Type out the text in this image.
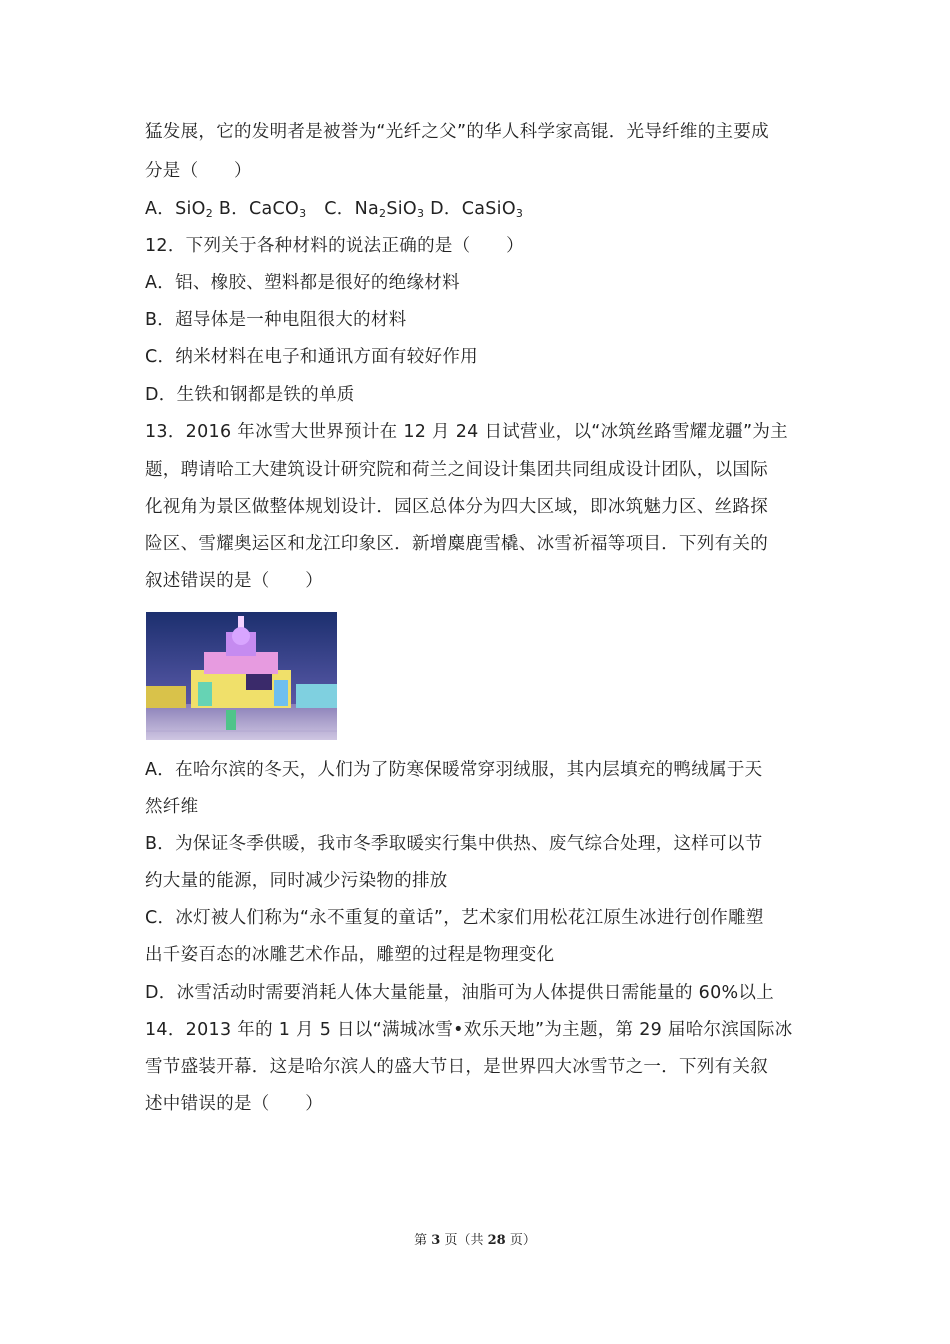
猛发展，它的发明者是被誉为“光纤之父”的华人科学家高锟．光导纤维的主要成
分是（　　）
A．SiO$_2$ B．CaCO$_3$　C．$Na_2SiO_3$ D．CaSiO$_3$
12．下列关于各种材料的说法正确的是（　　）
A．铝、橡胶、塑料都是很好的绝缘材料
B．超导体是一种电阻很大的材料
C．纳米材料在电子和通讯方面有较好作用
D．生铁和钢都是铁的单质
13．2016 年冰雪大世界预计在 12 月 24 日试营业，以“冰筑丝路雪耀龙疆”为主
题，聘请哈工大建筑设计研究院和荷兰之间设计集团共同组成设计团队，以国际
化视角为景区做整体规划设计．园区总体分为四大区域，即冰筑魅力区、丝路探
险区、雪耀奥运区和龙江印象区．新增麋鹿雪橇、冰雪祈福等项目．下列有关的
叙述错误的是（　　）
A．在哈尔滨的冬天，人们为了防寒保暖常穿羽绒服，其内层填充的鸭绒属于天
然纤维
B．为保证冬季供暖，我市冬季取暖实行集中供热、废气综合处理，这样可以节
约大量的能源，同时减少污染物的排放
C．冰灯被人们称为“永不重复的童话”，艺术家们用松花江原生冰进行创作雕塑
出千姿百态的冰雕艺术作品，雕塑的过程是物理变化
D．冰雪活动时需要消耗人体大量能量，油脂可为人体提供日需能量的 60%以上
14．2013 年的 1 月 5 日以“满城冰雪•欢乐天地”为主题，第 29 届哈尔滨国际冰
雪节盛装开幕．这是哈尔滨人的盛大节日，是世界四大冰雪节之一．下列有关叙
述中错误的是（　　）
第 3 页（共 28 页）
